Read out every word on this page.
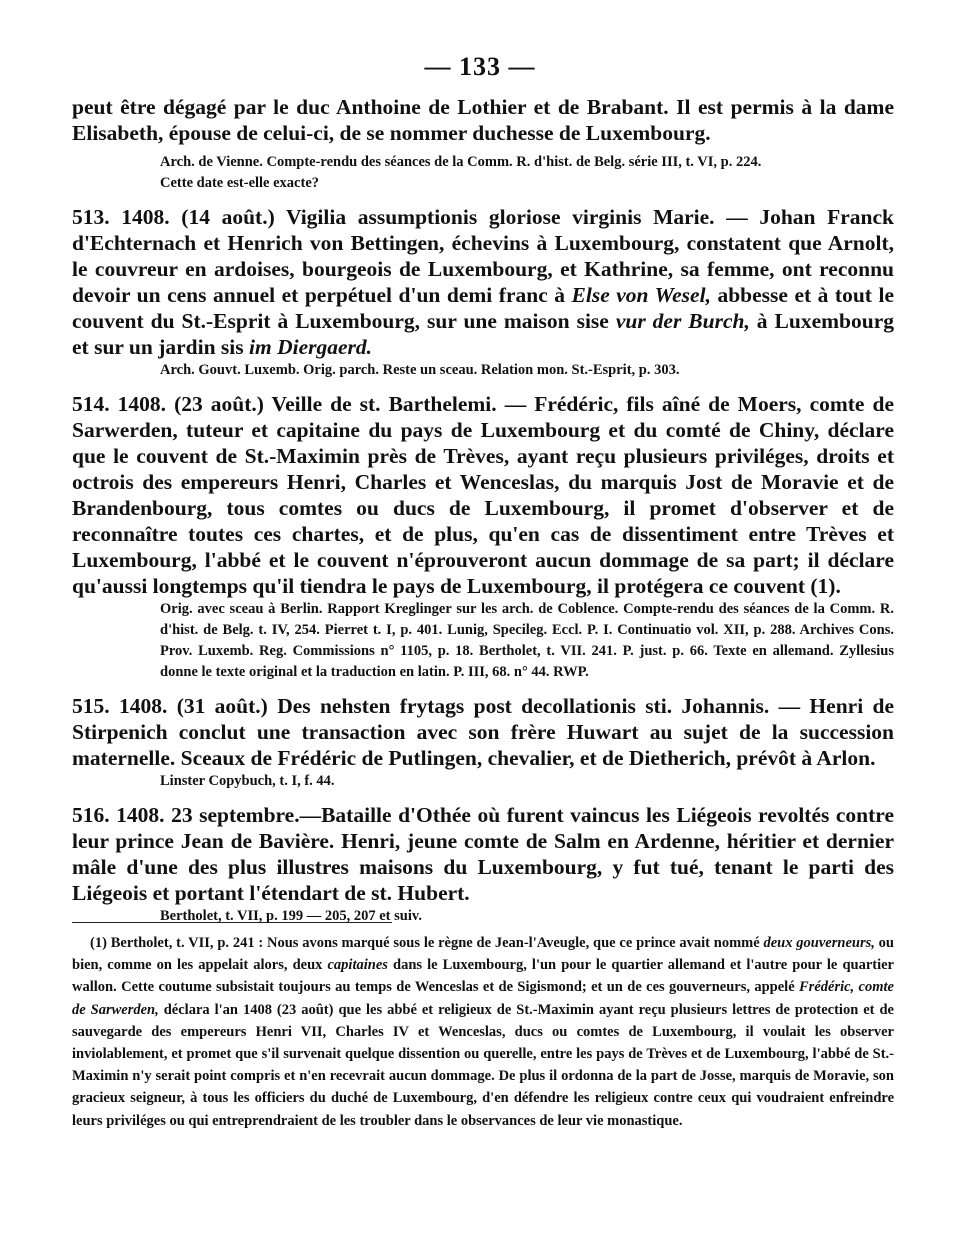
— 133 —

peut être dégagé par le duc Anthoine de Lothier et de Brabant. Il est permis à la dame Elisabeth, épouse de celui-ci, de se nommer duchesse de Luxembourg.

Arch. de Vienne. Compte-rendu des séances de la Comm. R. d'hist. de Belg. série III, t. VI, p. 224.

Cette date est-elle exacte?

513. 1408. (14 août.) Vigilia assumptionis gloriose virginis Marie. — Johan Franck d'Echternach et Henrich von Bettingen, échevins à Luxembourg, constatent que Arnolt, le couvreur en ardoises, bourgeois de Luxembourg, et Kathrine, sa femme, ont reconnu devoir un cens annuel et perpétuel d'un demi franc à Else von Wesel, abbesse et à tout le couvent du St.-Esprit à Luxembourg, sur une maison sise vur der Burch, à Luxembourg et sur un jardin sis im Diergaerd.

Arch. Gouvt. Luxemb. Orig. parch. Reste un sceau. Relation mon. St.-Esprit, p. 303.

514. 1408. (23 août.) Veille de st. Barthelemi. — Frédéric, fils aîné de Moers, comte de Sarwerden, tuteur et capitaine du pays de Luxembourg et du comté de Chiny, déclare que le couvent de St.-Maximin près de Trèves, ayant reçu plusieurs priviléges, droits et octrois des empereurs Henri, Charles et Wenceslas, du marquis Jost de Moravie et de Brandenbourg, tous comtes ou ducs de Luxembourg, il promet d'observer et de reconnaître toutes ces chartes, et de plus, qu'en cas de dissentiment entre Trèves et Luxembourg, l'abbé et le couvent n'éprouveront aucun dommage de sa part; il déclare qu'aussi longtemps qu'il tiendra le pays de Luxembourg, il protégera ce couvent (1).

Orig. avec sceau à Berlin. Rapport Kreglinger sur les arch. de Coblence. Compte-rendu des séances de la Comm. R. d'hist. de Belg. t. IV, 254. Pierret t. I, p. 401. Lunig, Specileg. Eccl. P. I. Continuatio vol. XII, p. 288. Archives Cons. Prov. Luxemb. Reg. Commissions n° 1105, p. 18. Bertholet, t. VII. 241. P. just. p. 66. Texte en allemand. Zyllesius donne le texte original et la traduction en latin. P. III, 68. n° 44. RWP.

515. 1408. (31 août.) Des nehsten frytags post decollationis sti. Johannis. — Henri de Stirpenich conclut une transaction avec son frère Huwart au sujet de la succession maternelle. Sceaux de Frédéric de Putlingen, chevalier, et de Dietherich, prévôt à Arlon.

Linster Copybuch, t. I, f. 44.

516. 1408. 23 septembre.—Bataille d'Othée où furent vaincus les Liégeois revoltés contre leur prince Jean de Bavière. Henri, jeune comte de Salm en Ardenne, héritier et dernier mâle d'une des plus illustres maisons du Luxembourg, y fut tué, tenant le parti des Liégeois et portant l'étendart de st. Hubert.

Bertholet, t. VII, p. 199 — 205, 207 et suiv.

(1) Bertholet, t. VII, p. 241 : Nous avons marqué sous le règne de Jean-l'Aveugle, que ce prince avait nommé deux gouverneurs, ou bien, comme on les appelait alors, deux capitaines dans le Luxembourg, l'un pour le quartier allemand et l'autre pour le quartier wallon. Cette coutume subsistait toujours au temps de Wenceslas et de Sigismond; et un de ces gouverneurs, appelé Frédéric, comte de Sarwerden, déclara l'an 1408 (23 août) que les abbé et religieux de St.-Maximin ayant reçu plusieurs lettres de protection et de sauvegarde des empereurs Henri VII, Charles IV et Wenceslas, ducs ou comtes de Luxembourg, il voulait les observer inviolablement, et promet que s'il survenait quelque dissention ou querelle, entre les pays de Trèves et de Luxembourg, l'abbé de St.-Maximin n'y serait point compris et n'en recevrait aucun dommage. De plus il ordonna de la part de Josse, marquis de Moravie, son gracieux seigneur, à tous les officiers du duché de Luxembourg, d'en défendre les religieux contre ceux qui voudraient enfreindre leurs priviléges ou qui entreprendraient de les troubler dans le observances de leur vie monastique.
